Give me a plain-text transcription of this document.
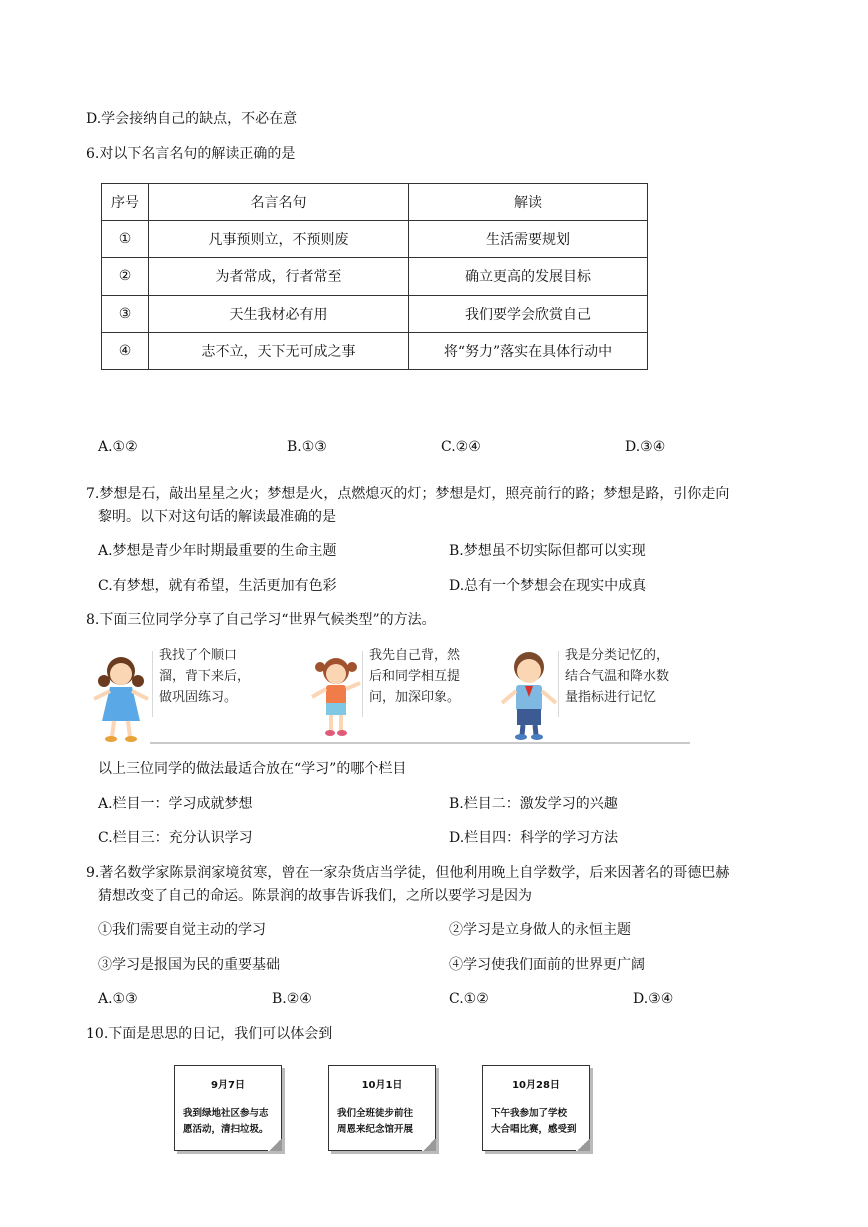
D.学会接纳自己的缺点，不必在意
6.对以下名言名句的解读正确的是
序号	名言名句	解读
①	凡事预则立，不预则废	生活需要规划
②	为者常成，行者常至	确立更高的发展目标
③	天生我材必有用	我们要学会欣赏自己
④	志不立，天下无可成之事	将“努力”落实在具体行动中
A.①②	B.①③	C.②④	D.③④
7.梦想是石，敲出星星之火；梦想是火，点燃熄灭的灯；梦想是灯，照亮前行的路；梦想是路，引你走向
黎明。以下对这句话的解读最准确的是
A.梦想是青少年时期最重要的生命主题	B.梦想虽不切实际但都可以实现
C.有梦想，就有希望，生活更加有色彩	D.总有一个梦想会在现实中成真
8.下面三位同学分享了自己学习“世界气候类型”的方法。
我找了个顺口
溜，背下来后，
做巩固练习。
我先自己背，然
后和同学相互提
问，加深印象。
我是分类记忆的，
结合气温和降水数
量指标进行记忆
以上三位同学的做法最适合放在“学习”的哪个栏目
A.栏目一：学习成就梦想	B.栏目二：激发学习的兴趣
C.栏目三：充分认识学习	D.栏目四：科学的学习方法
9.著名数学家陈景润家境贫寒，曾在一家杂货店当学徒，但他利用晚上自学数学，后来因著名的哥德巴赫
猜想改变了自己的命运。陈景润的故事告诉我们，之所以要学习是因为
①我们需要自觉主动的学习	②学习是立身做人的永恒主题
③学习是报国为民的重要基础	④学习使我们面前的世界更广阔
A.①③	B.②④	C.①②	D.③④
10.下面是思思的日记，我们可以体会到
9月7日
我到绿地社区参与志
愿活动，清扫垃圾。
10月1日
我们全班徒步前往
周恩来纪念馆开展

10月28日
下午我参加了学校
大合唱比赛，感受到
